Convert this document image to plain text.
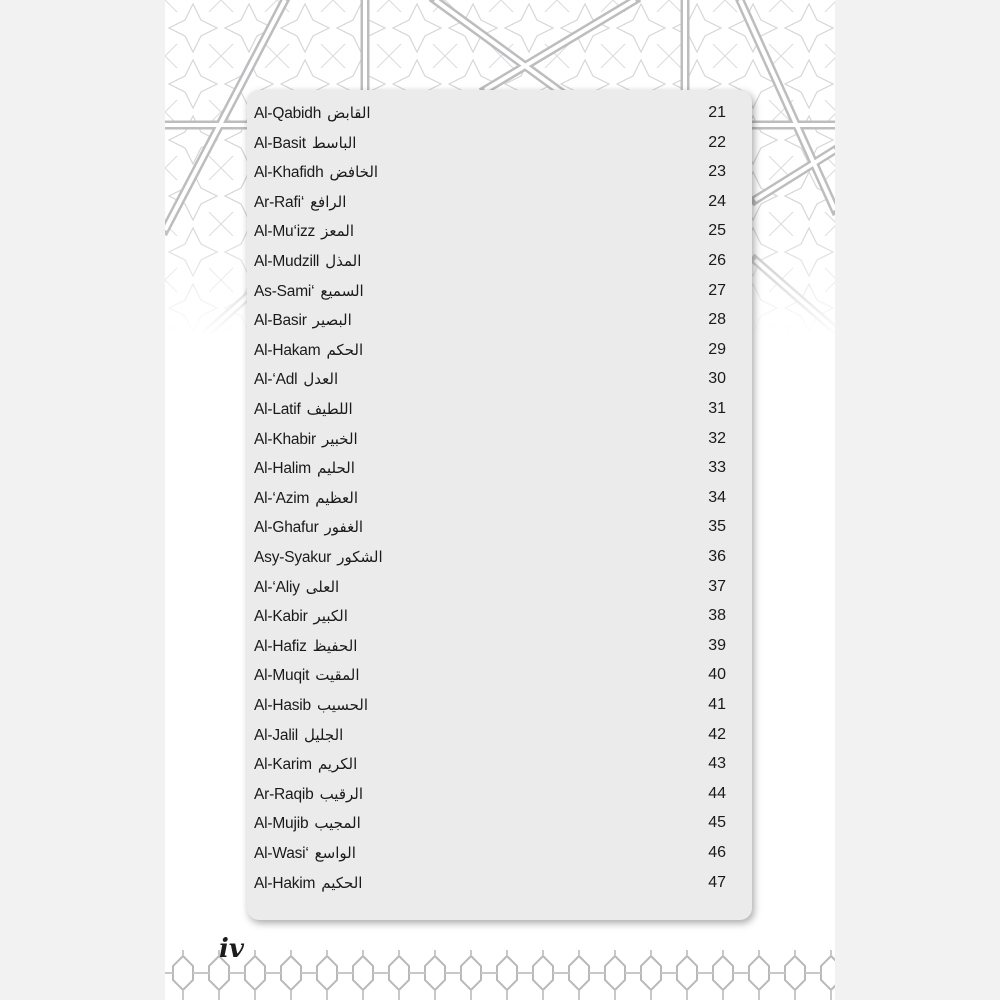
Al-Qabidh القابض	21
Al-Basit الباسط	22
Al-Khafidh الخافض	23
Ar-Rafi‘ الرافع	24
Al-Mu‘izz المعز	25
Al-Mudzill المذل	26
As-Sami‘ السميع	27
Al-Basir البصير	28
Al-Hakam الحكم	29
Al-‘Adl العدل	30
Al-Latif اللطيف	31
Al-Khabir الخبير	32
Al-Halim الحليم	33
Al-‘Azim العظيم	34
Al-Ghafur الغفور	35
Asy-Syakur الشكور	36
Al-‘Aliy العلى	37
Al-Kabir الكبير	38
Al-Hafiz الحفيظ	39
Al-Muqit المقيت	40
Al-Hasib الحسيب	41
Al-Jalil الجليل	42
Al-Karim الكريم	43
Ar-Raqib الرقيب	44
Al-Mujib المجيب	45
Al-Wasi‘ الواسع	46
Al-Hakim الحكيم	47
iv
